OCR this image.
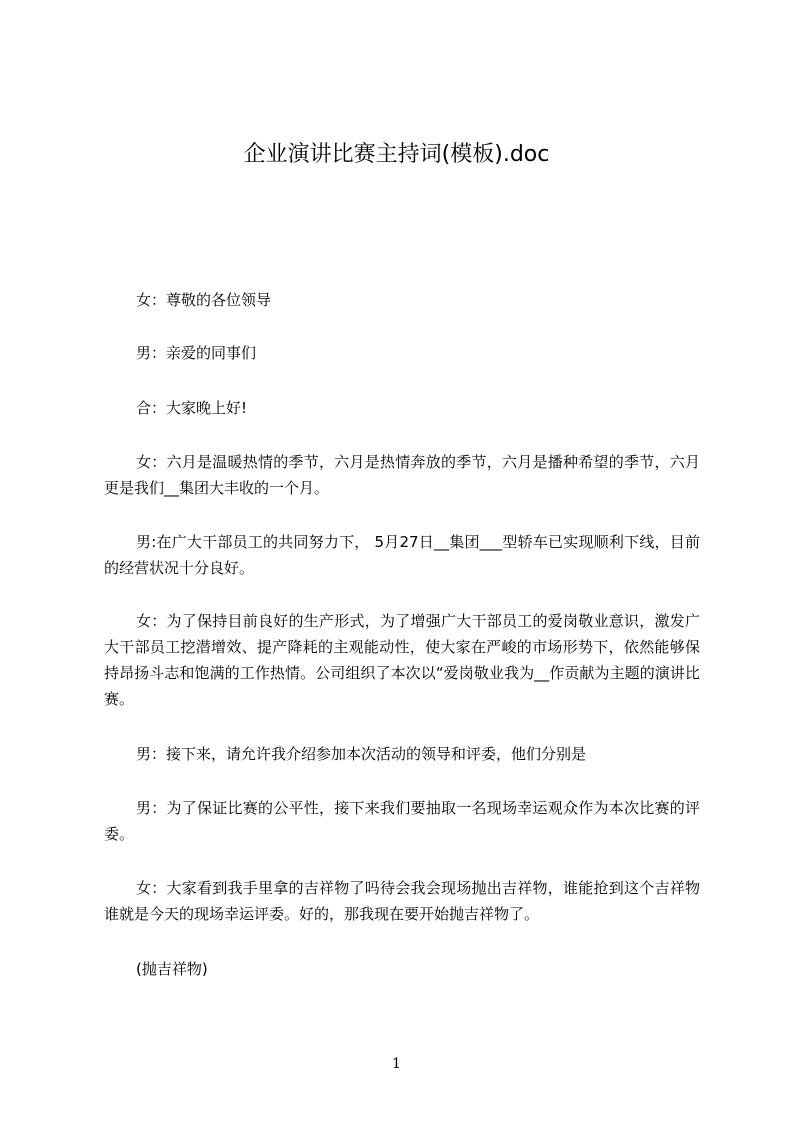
企业演讲比赛主持词(模板).doc

女：尊敬的各位领导

男：亲爱的同事们

合：大家晚上好!

女：六月是温暖热情的季节，六月是热情奔放的季节，六月是播种希望的季节，六月更是我们__集团大丰收的一个月。

男:在广大干部员工的共同努力下， 5月27日__集团___型轿车已实现顺利下线，目前的经营状况十分良好。

女：为了保持目前良好的生产形式，为了增强广大干部员工的爱岗敬业意识，激发广大干部员工挖潜增效、提产降耗的主观能动性，使大家在严峻的市场形势下，依然能够保持昂扬斗志和饱满的工作热情。公司组织了本次以“爱岗敬业我为__作贡献为主题的演讲比赛。

男：接下来，请允许我介绍参加本次活动的领导和评委，他们分别是

男：为了保证比赛的公平性，接下来我们要抽取一名现场幸运观众作为本次比赛的评委。

女：大家看到我手里拿的吉祥物了吗待会我会现场抛出吉祥物，谁能抢到这个吉祥物谁就是今天的现场幸运评委。好的，那我现在要开始抛吉祥物了。

(抛吉祥物)

1
